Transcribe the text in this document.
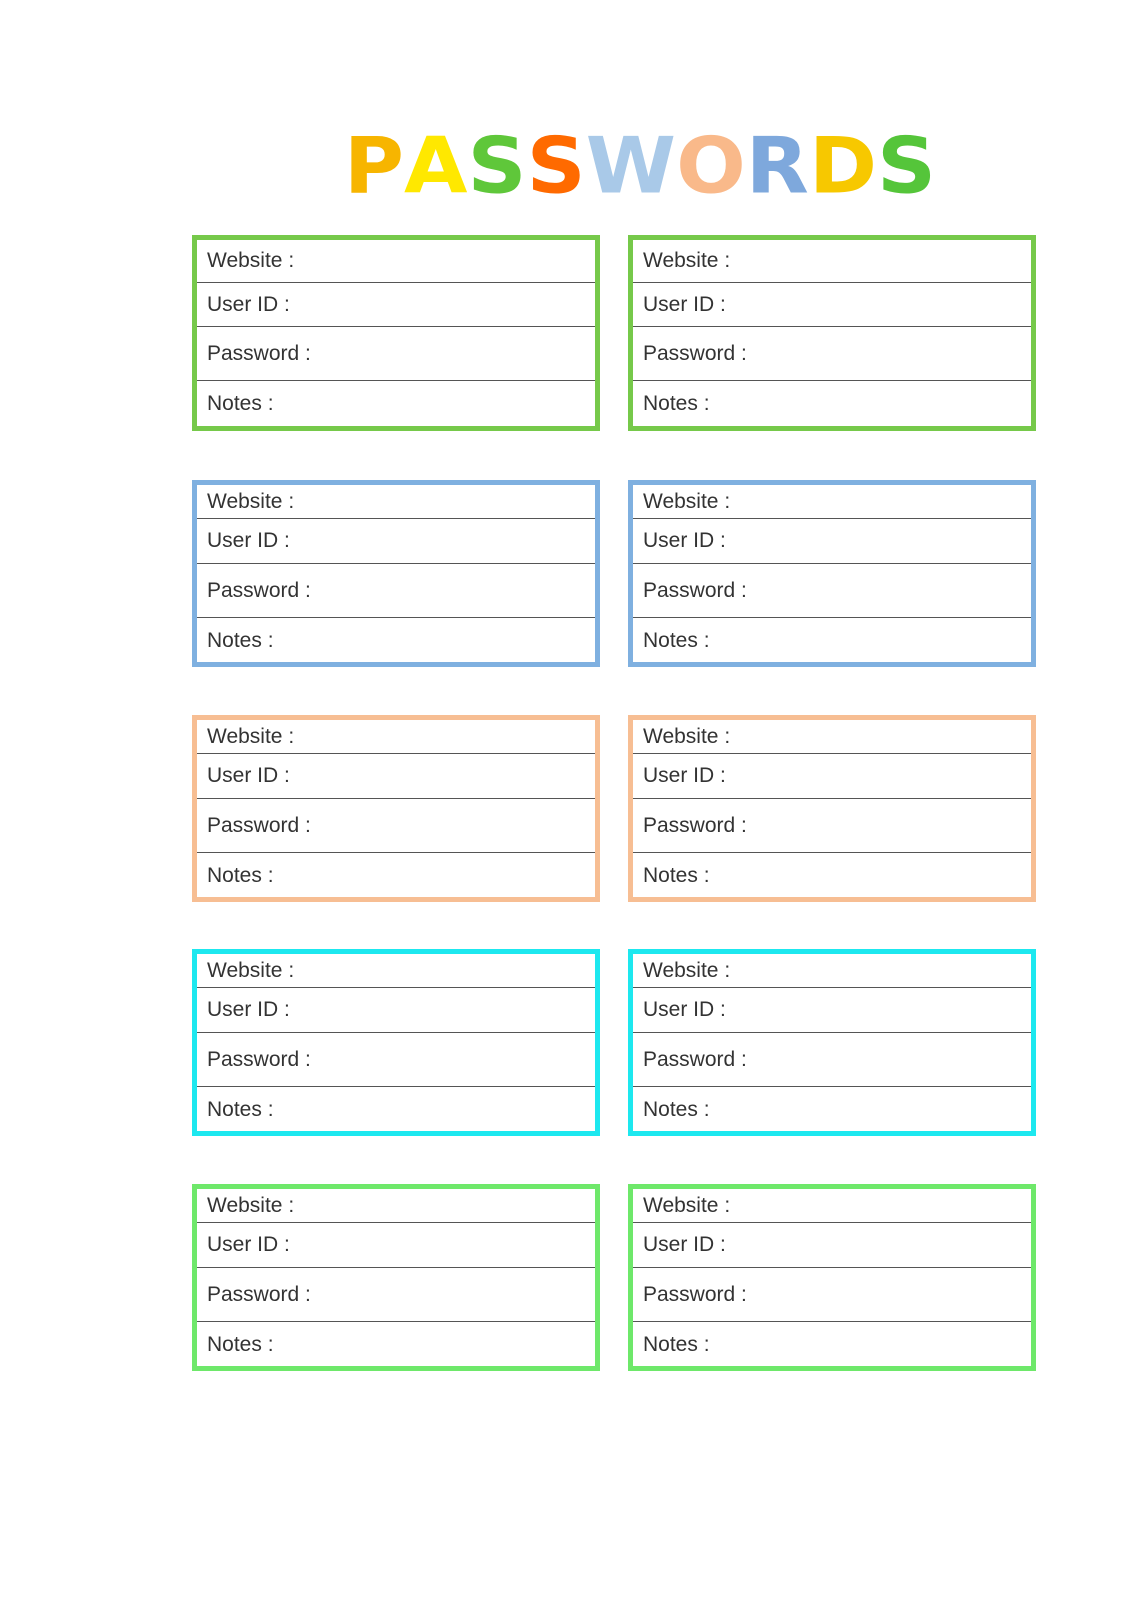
P A S S W O R D S
Website :
User ID :
Password :
Notes :
Website :
User ID :
Password :
Notes :
Website :
User ID :
Password :
Notes :
Website :
User ID :
Password :
Notes :
Website :
User ID :
Password :
Notes :
Website :
User ID :
Password :
Notes :
Website :
User ID :
Password :
Notes :
Website :
User ID :
Password :
Notes :
Website :
User ID :
Password :
Notes :
Website :
User ID :
Password :
Notes :
